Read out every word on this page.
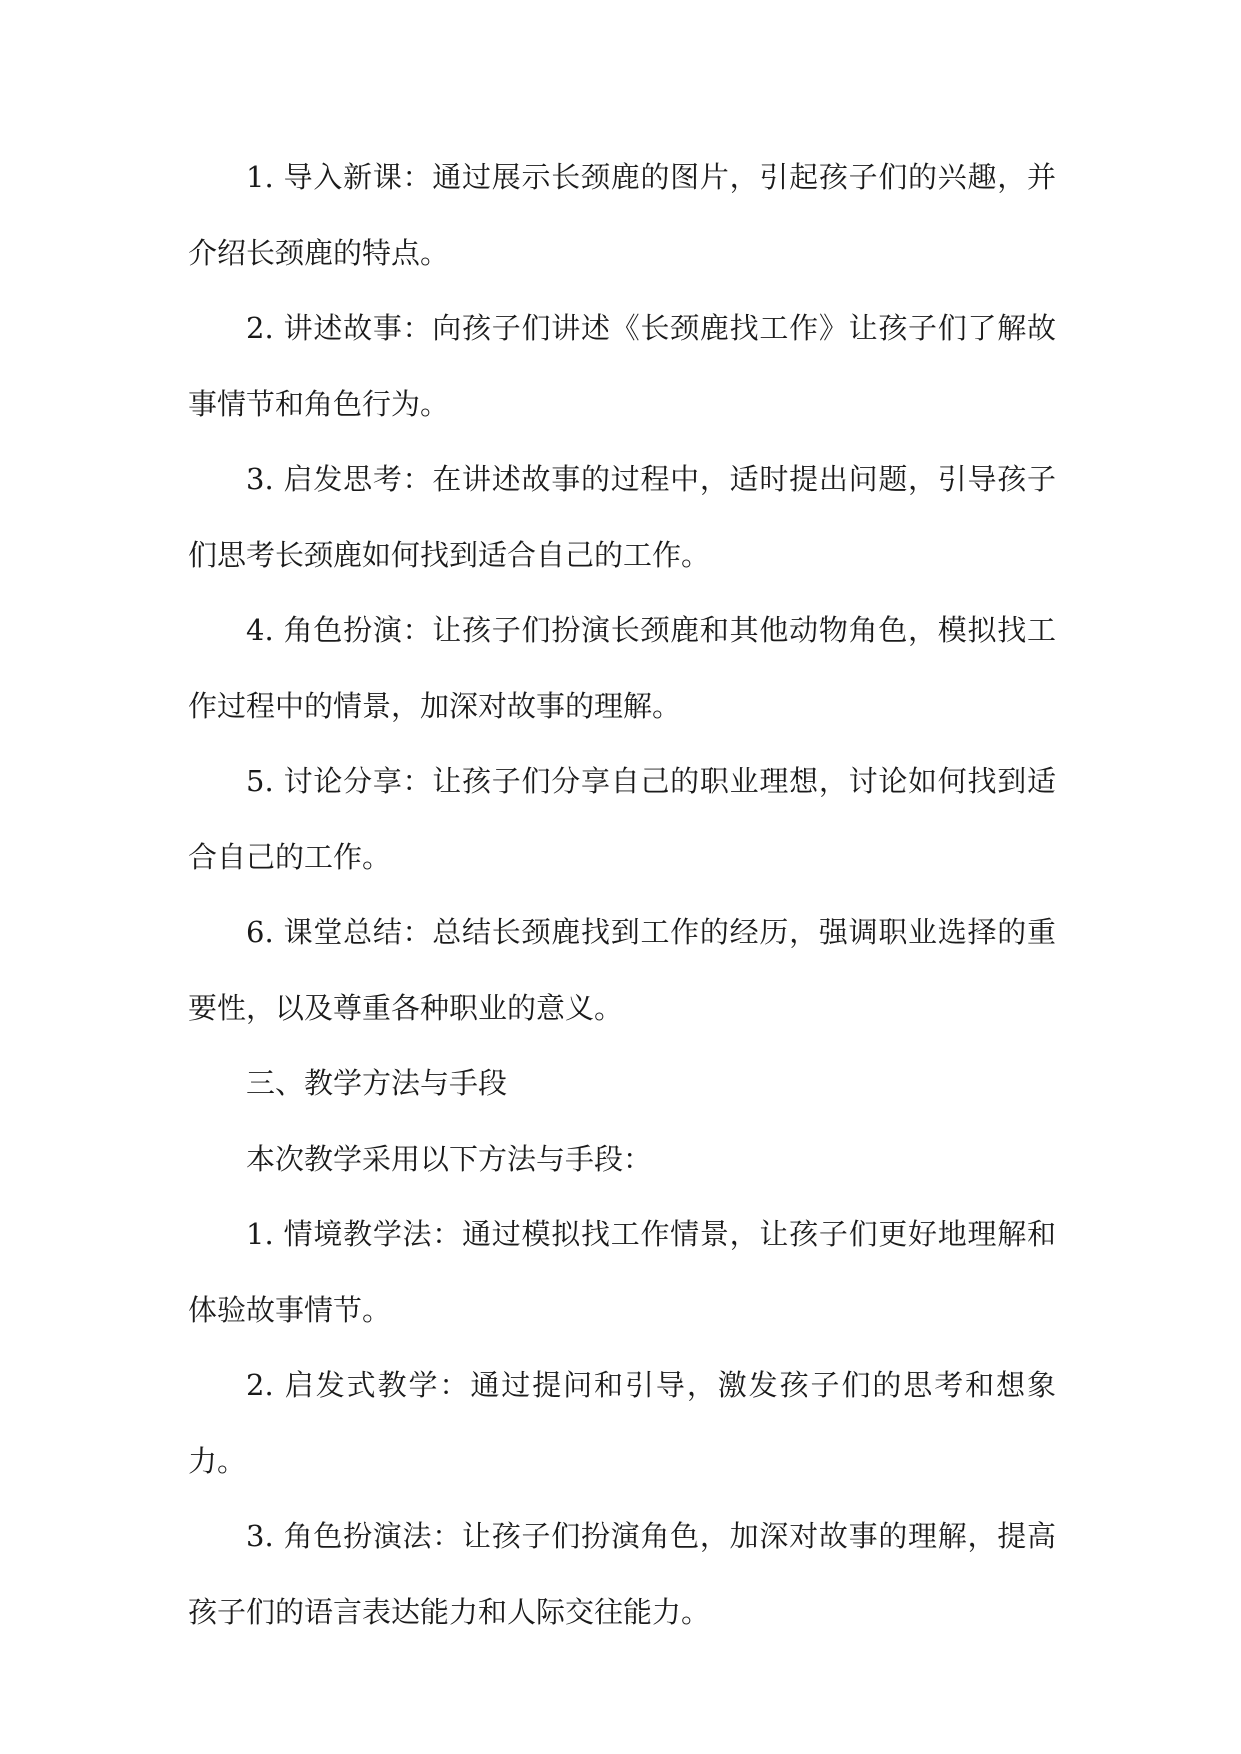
1. 导入新课：通过展示长颈鹿的图片，引起孩子们的兴趣，并介绍长颈鹿的特点。

2. 讲述故事：向孩子们讲述《长颈鹿找工作》让孩子们了解故事情节和角色行为。

3. 启发思考：在讲述故事的过程中，适时提出问题，引导孩子们思考长颈鹿如何找到适合自己的工作。

4. 角色扮演：让孩子们扮演长颈鹿和其他动物角色，模拟找工作过程中的情景，加深对故事的理解。

5. 讨论分享：让孩子们分享自己的职业理想，讨论如何找到适合自己的工作。

6. 课堂总结：总结长颈鹿找到工作的经历，强调职业选择的重要性，以及尊重各种职业的意义。

三、教学方法与手段

本次教学采用以下方法与手段：

1. 情境教学法：通过模拟找工作情景，让孩子们更好地理解和体验故事情节。

2. 启发式教学：通过提问和引导，激发孩子们的思考和想象力。

3. 角色扮演法：让孩子们扮演角色，加深对故事的理解，提高孩子们的语言表达能力和人际交往能力。
